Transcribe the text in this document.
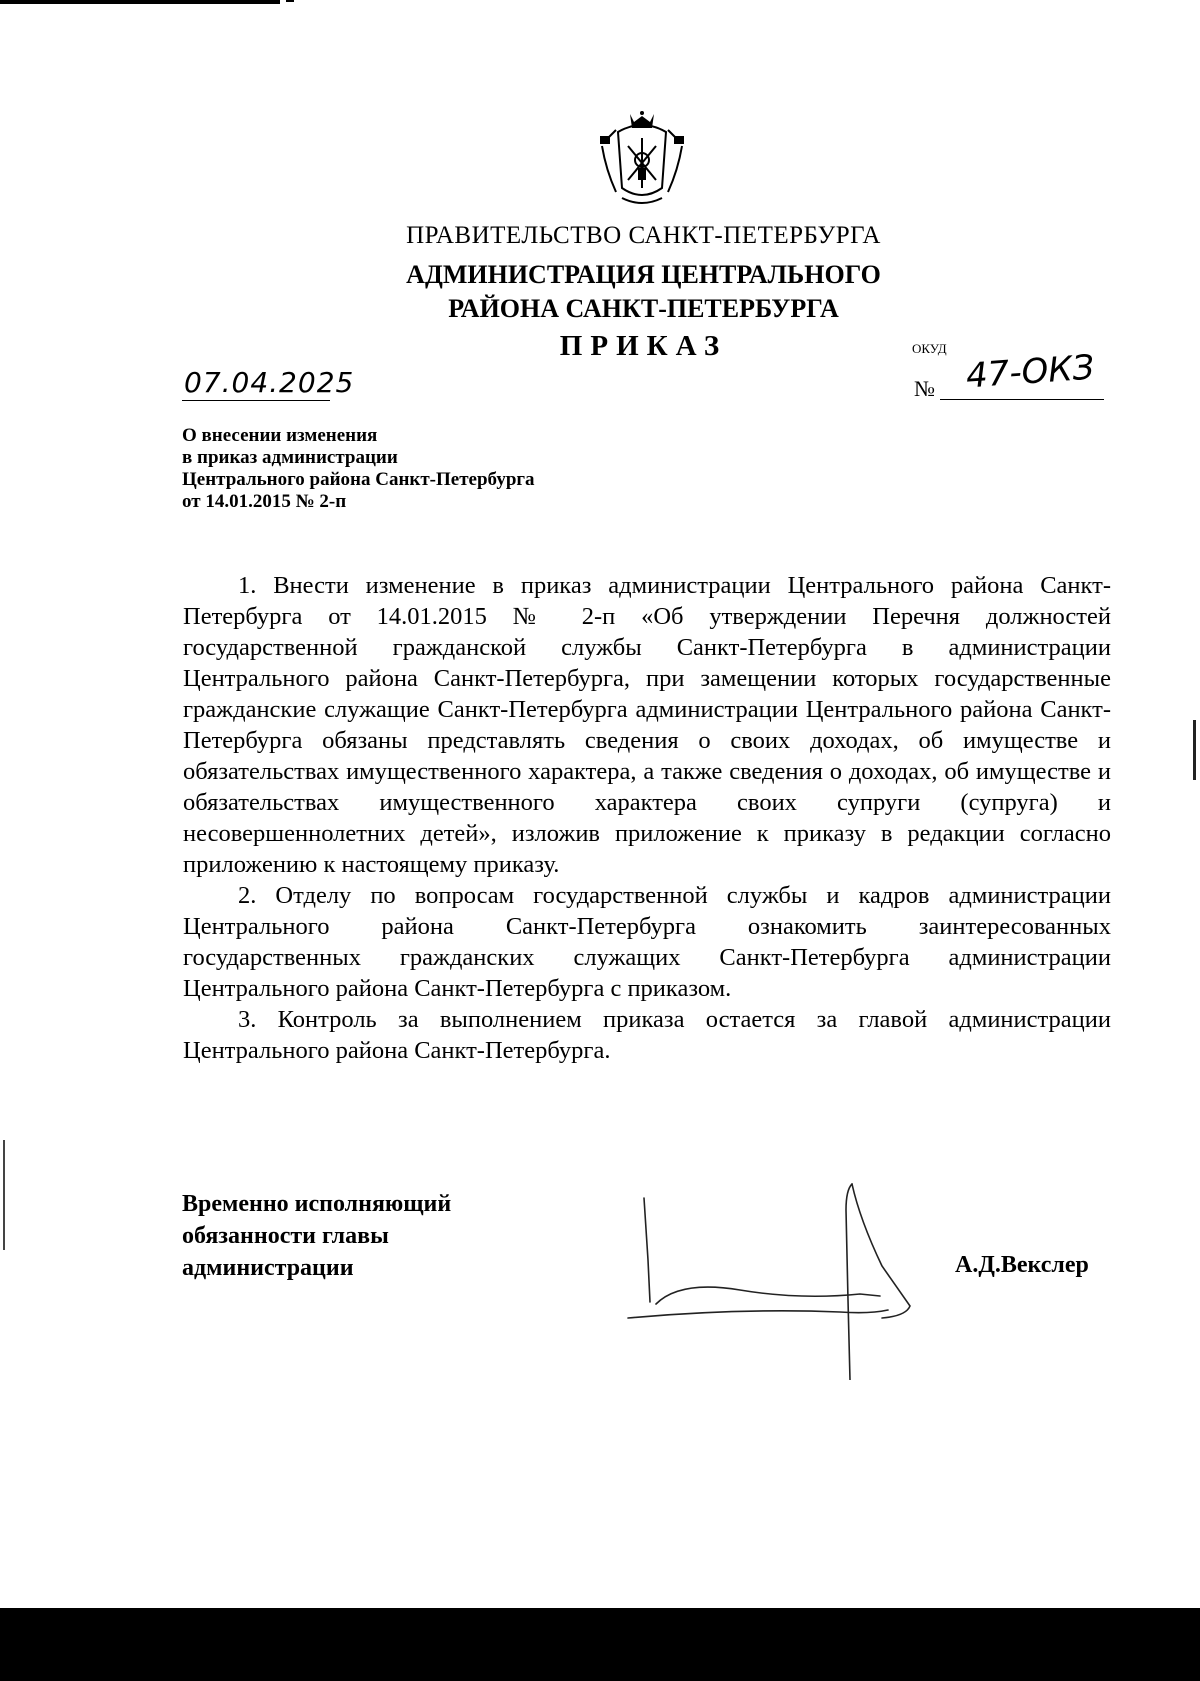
ПРАВИТЕЛЬСТВО САНКТ-ПЕТЕРБУРГА
АДМИНИСТРАЦИЯ ЦЕНТРАЛЬНОГО
РАЙОНА САНКТ-ПЕТЕРБУРГА
ПРИКАЗ	ОКУД
№ 47-ОКЗ
07.04.2025
О внесении изменения
в приказ администрации
Центрального района Санкт-Петербурга
от 14.01.2015 № 2-п

1. Внести изменение в приказ администрации Центрального района Санкт-Петербурга от 14.01.2015 № 2-п «Об утверждении Перечня должностей государственной гражданской службы Санкт-Петербурга в администрации Центрального района Санкт-Петербурга, при замещении которых государственные гражданские служащие Санкт-Петербурга администрации Центрального района Санкт-Петербурга обязаны представлять сведения о своих доходах, об имуществе и обязательствах имущественного характера, а также сведения о доходах, об имуществе и обязательствах имущественного характера своих супруги (супруга) и несовершеннолетних детей», изложив приложение к приказу в редакции согласно приложению к настоящему приказу.

2. Отделу по вопросам государственной службы и кадров администрации Центрального района Санкт-Петербурга ознакомить заинтересованных государственных гражданских служащих Санкт-Петербурга администрации Центрального района Санкт-Петербурга с приказом.

3. Контроль за выполнением приказа остается за главой администрации Центрального района Санкт-Петербурга.

Временно исполняющий
обязанности главы
администрации	А.Д.Векслер
